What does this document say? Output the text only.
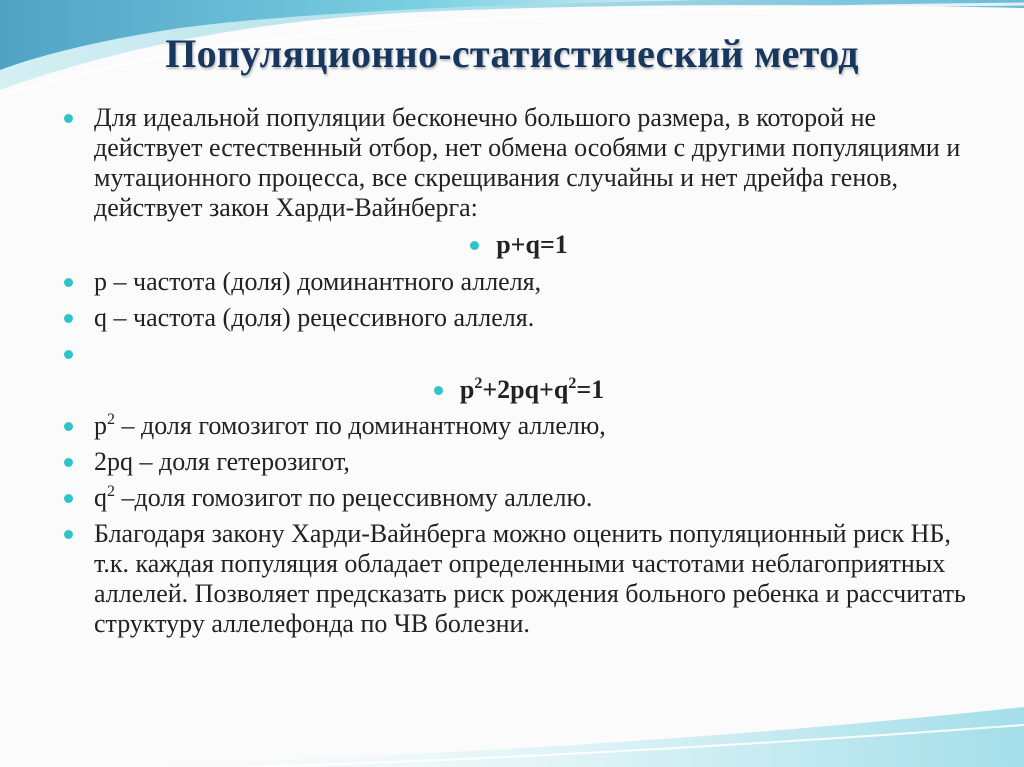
Популяционно-статистический метод
Для идеальной популяции бесконечно большого размера, в которой не действует естественный отбор, нет обмена особями с другими популяциями и мутационного процесса, все скрещивания случайны и нет дрейфа генов, действует закон Харди-Вайнберга:
p+q=1
p – частота (доля) доминантного аллеля,
q – частота (доля) рецессивного аллеля.
$p^2+2pq+q^2=1$
$p^2$ – доля гомозигот по доминантному аллелю,
2pq – доля гетерозигот,
$q^2$ –доля гомозигот по рецессивному аллелю.
Благодаря закону Харди-Вайнберга можно оценить популяционный риск НБ, т.к. каждая популяция обладает определенными частотами неблагоприятных аллелей. Позволяет предсказать риск рождения больного ребенка и рассчитать структуру аллелефонда по ЧВ болезни.
